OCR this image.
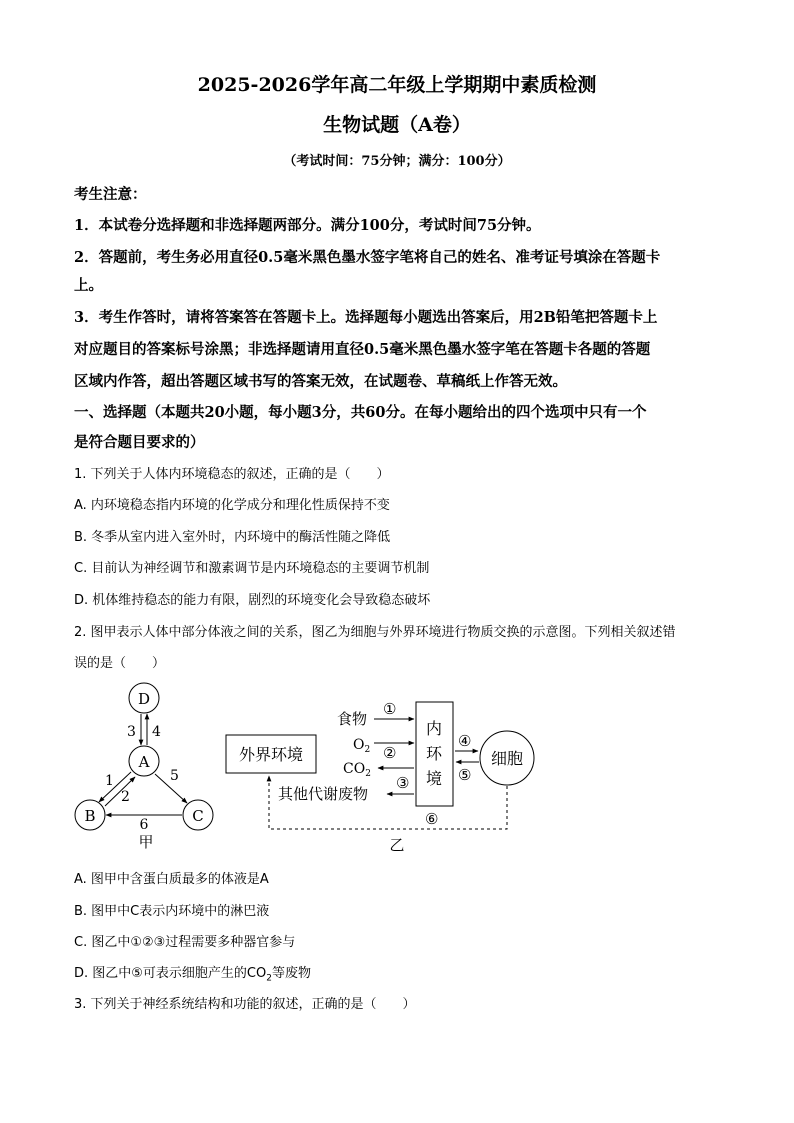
2025-2026学年高二年级上学期期中素质检测
生物试题（A卷）
（考试时间：75分钟；满分：100分）
考生注意：
1．本试卷分选择题和非选择题两部分。满分100分，考试时间75分钟。
2．答题前，考生务必用直径0.5毫米黑色墨水签字笔将自己的姓名、准考证号填涂在答题卡
上。
3．考生作答时，请将答案答在答题卡上。选择题每小题选出答案后，用2B铅笔把答题卡上
对应题目的答案标号涂黑；非选择题请用直径0.5毫米黑色墨水签字笔在答题卡各题的答题
区域内作答，超出答题区域书写的答案无效，在试题卷、草稿纸上作答无效。
一、选择题（本题共20小题，每小题3分，共60分。在每小题给出的四个选项中只有一个
是符合题目要求的）
1. 下列关于人体内环境稳态的叙述，正确的是（　　）
A. 内环境稳态指内环境的化学成分和理化性质保持不变
B. 冬季从室内进入室外时，内环境中的酶活性随之降低
C. 目前认为神经调节和激素调节是内环境稳态的主要调节机制
D. 机体维持稳态的能力有限，剧烈的环境变化会导致稳态破坏
2. 图甲表示人体中部分体液之间的关系，图乙为细胞与外界环境进行物质交换的示意图。下列相关叙述错
误的是（　　）
D
A
B	C
3 4
1
2
5
6
甲
外界环境
内
环
境
细胞
食物
①
$O_2$ ②
$CO_2$ ③
其他代谢废物
④
⑤
⑥
乙
A. 图甲中含蛋白质最多的体液是A
B. 图甲中C表示内环境中的淋巴液
C. 图乙中①②③过程需要多种器官参与
D. 图乙中⑤可表示细胞产生的$CO_2$等废物
3. 下列关于神经系统结构和功能的叙述，正确的是（　　）
